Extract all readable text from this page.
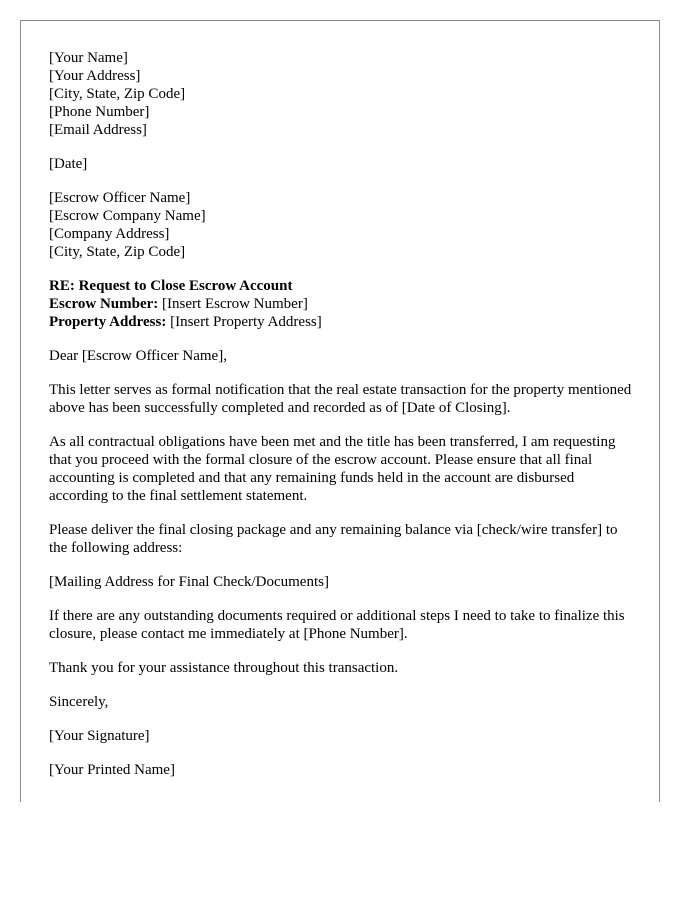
[Your Name]
[Your Address]
[City, State, Zip Code]
[Phone Number]
[Email Address]
[Date]
[Escrow Officer Name]
[Escrow Company Name]
[Company Address]
[City, State, Zip Code]
RE: Request to Close Escrow Account
Escrow Number: [Insert Escrow Number]
Property Address: [Insert Property Address]

Dear [Escrow Officer Name],

This letter serves as formal notification that the real estate transaction for the property mentioned above has been successfully completed and recorded as of [Date of Closing].

As all contractual obligations have been met and the title has been transferred, I am requesting that you proceed with the formal closure of the escrow account. Please ensure that all final accounting is completed and that any remaining funds held in the account are disbursed according to the final settlement statement.

Please deliver the final closing package and any remaining balance via [check/wire transfer] to the following address:

[Mailing Address for Final Check/Documents]

If there are any outstanding documents required or additional steps I need to take to finalize this closure, please contact me immediately at [Phone Number].

Thank you for your assistance throughout this transaction.

Sincerely,

[Your Signature]

[Your Printed Name]
